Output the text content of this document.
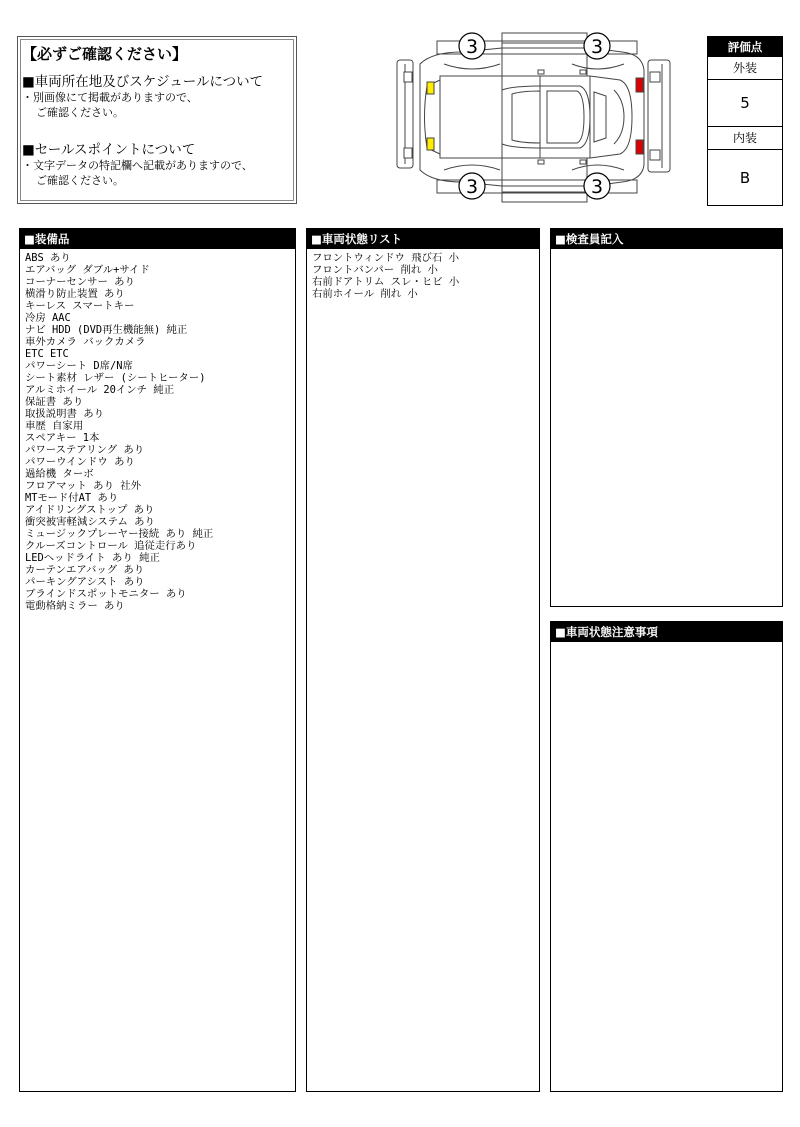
【必ずご確認ください】
■車両所在地及びスケジュールについて
・別画像にて掲載がありますので、
ご確認ください。
■セールスポイントについて
・文字データの特記欄へ記載がありますので、
ご確認ください。
3	3
3	3
評価点
外装
5
内装
B
■装備品
ABS あり
エアバッグ ダブル+サイド
コーナーセンサー あり
横滑り防止装置 あり
キーレス スマートキー
冷房 AAC
ナビ HDD (DVD再生機能無) 純正
車外カメラ バックカメラ
ETC ETC
パワーシート D席/N席
シート素材 レザー (シートヒーター)
アルミホイール 20インチ 純正
保証書 あり
取扱説明書 あり
車歴 自家用
スペアキー 1本
パワーステアリング あり
パワーウインドウ あり
過給機 ターボ
フロアマット あり 社外
MTモード付AT あり
アイドリングストップ あり
衝突被害軽減システム あり
ミュージックプレーヤー接続 あり 純正
クルーズコントロール 追従走行あり
LEDヘッドライト あり 純正
カーテンエアバッグ あり
パーキングアシスト あり
ブラインドスポットモニター あり
電動格納ミラー あり
■車両状態リスト
フロントウィンドウ 飛び石 小
フロントバンパー 削れ 小
右前ドアトリム スレ・ヒビ 小
右前ホイール 削れ 小
■検査員記入
■車両状態注意事項
